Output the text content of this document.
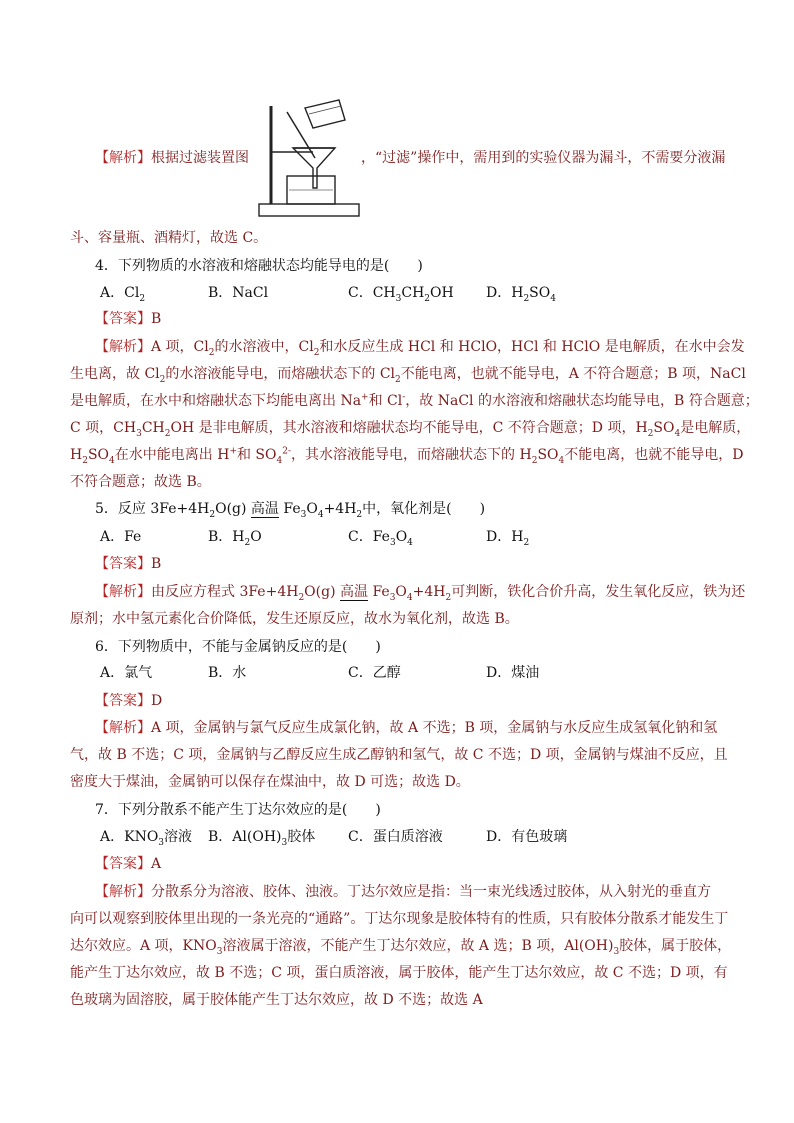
【解析】根据过滤装置图	，“过滤”操作中，需用到的实验仪器为漏斗，不需要分液漏
斗、容量瓶、酒精灯，故选 C。
4．下列物质的水溶液和熔融状态均能导电的是(　　)
A．$Cl_2$	B．NaCl	C．$CH_3CH_2OH$ D．$H_2SO_4$
【答案】B
【解析】A 项，$Cl_2$的水溶液中，$Cl_2$和水反应生成 HCl 和 HClO，HCl 和 HClO 是电解质，在水中会发
生电离，故 $Cl_2$的水溶液能导电，而熔融状态下的 $Cl_2$不能电离，也就不能导电，A 不符合题意；B 项，NaCl
是电解质，在水中和熔融状态下均能电离出 Na+和 Cl-，故 NaCl 的水溶液和熔融状态均能导电，B 符合题意；
C 项，$CH_3CH_2OH$ 是非电解质，其水溶液和熔融状态均不能导电，C 不符合题意；D 项，$H_2SO_4$是电解质，
$H_2SO_4$在水中能电离出 H+和 $SO_4^{2-}$，其水溶液能导电，而熔融状态下的 $H_2SO_4$不能电离，也就不能导电，D
不符合题意；故选 B。
5．反应 $3Fe+4H_2O(g)$ 高温 $Fe_3O_4+4H_2$中，氧化剂是(　　)
A．Fe	B．$H_2O$	C．$Fe_3O_4$	D．$H_2$
【答案】B
【解析】由反应方程式 $3Fe+4H_2O(g)$ 高温 $Fe_3O_4+4H_2$可判断，铁化合价升高，发生氧化反应，铁为还
原剂；水中氢元素化合价降低，发生还原反应，故水为氧化剂，故选 B。
6．下列物质中，不能与金属钠反应的是(　　)
A．氯气	B．水	C．乙醇	D．煤油
【答案】D
【解析】A 项，金属钠与氯气反应生成氯化钠，故 A 不选；B 项，金属钠与水反应生成氢氧化钠和氢
气，故 B 不选；C 项，金属钠与乙醇反应生成乙醇钠和氢气，故 C 不选；D 项，金属钠与煤油不反应，且
密度大于煤油，金属钠可以保存在煤油中，故 D 可选；故选 D。
7．下列分散系不能产生丁达尔效应的是(　　)
A．$KNO_3$溶液 B．$Al(OH)_3$胶体 C．蛋白质溶液	D．有色玻璃
【答案】A
【解析】分散系分为溶液、胶体、浊液。丁达尔效应是指：当一束光线透过胶体，从入射光的垂直方
向可以观察到胶体里出现的一条光亮的“通路”。丁达尔现象是胶体特有的性质，只有胶体分散系才能发生丁
达尔效应。A 项，$KNO_3$溶液属于溶液，不能产生丁达尔效应，故 A 选；B 项，$Al(OH)_3$胶体，属于胶体，
能产生丁达尔效应，故 B 不选；C 项，蛋白质溶液，属于胶体，能产生丁达尔效应，故 C 不选；D 项，有
色玻璃为固溶胶，属于胶体能产生丁达尔效应，故 D 不选；故选 A
